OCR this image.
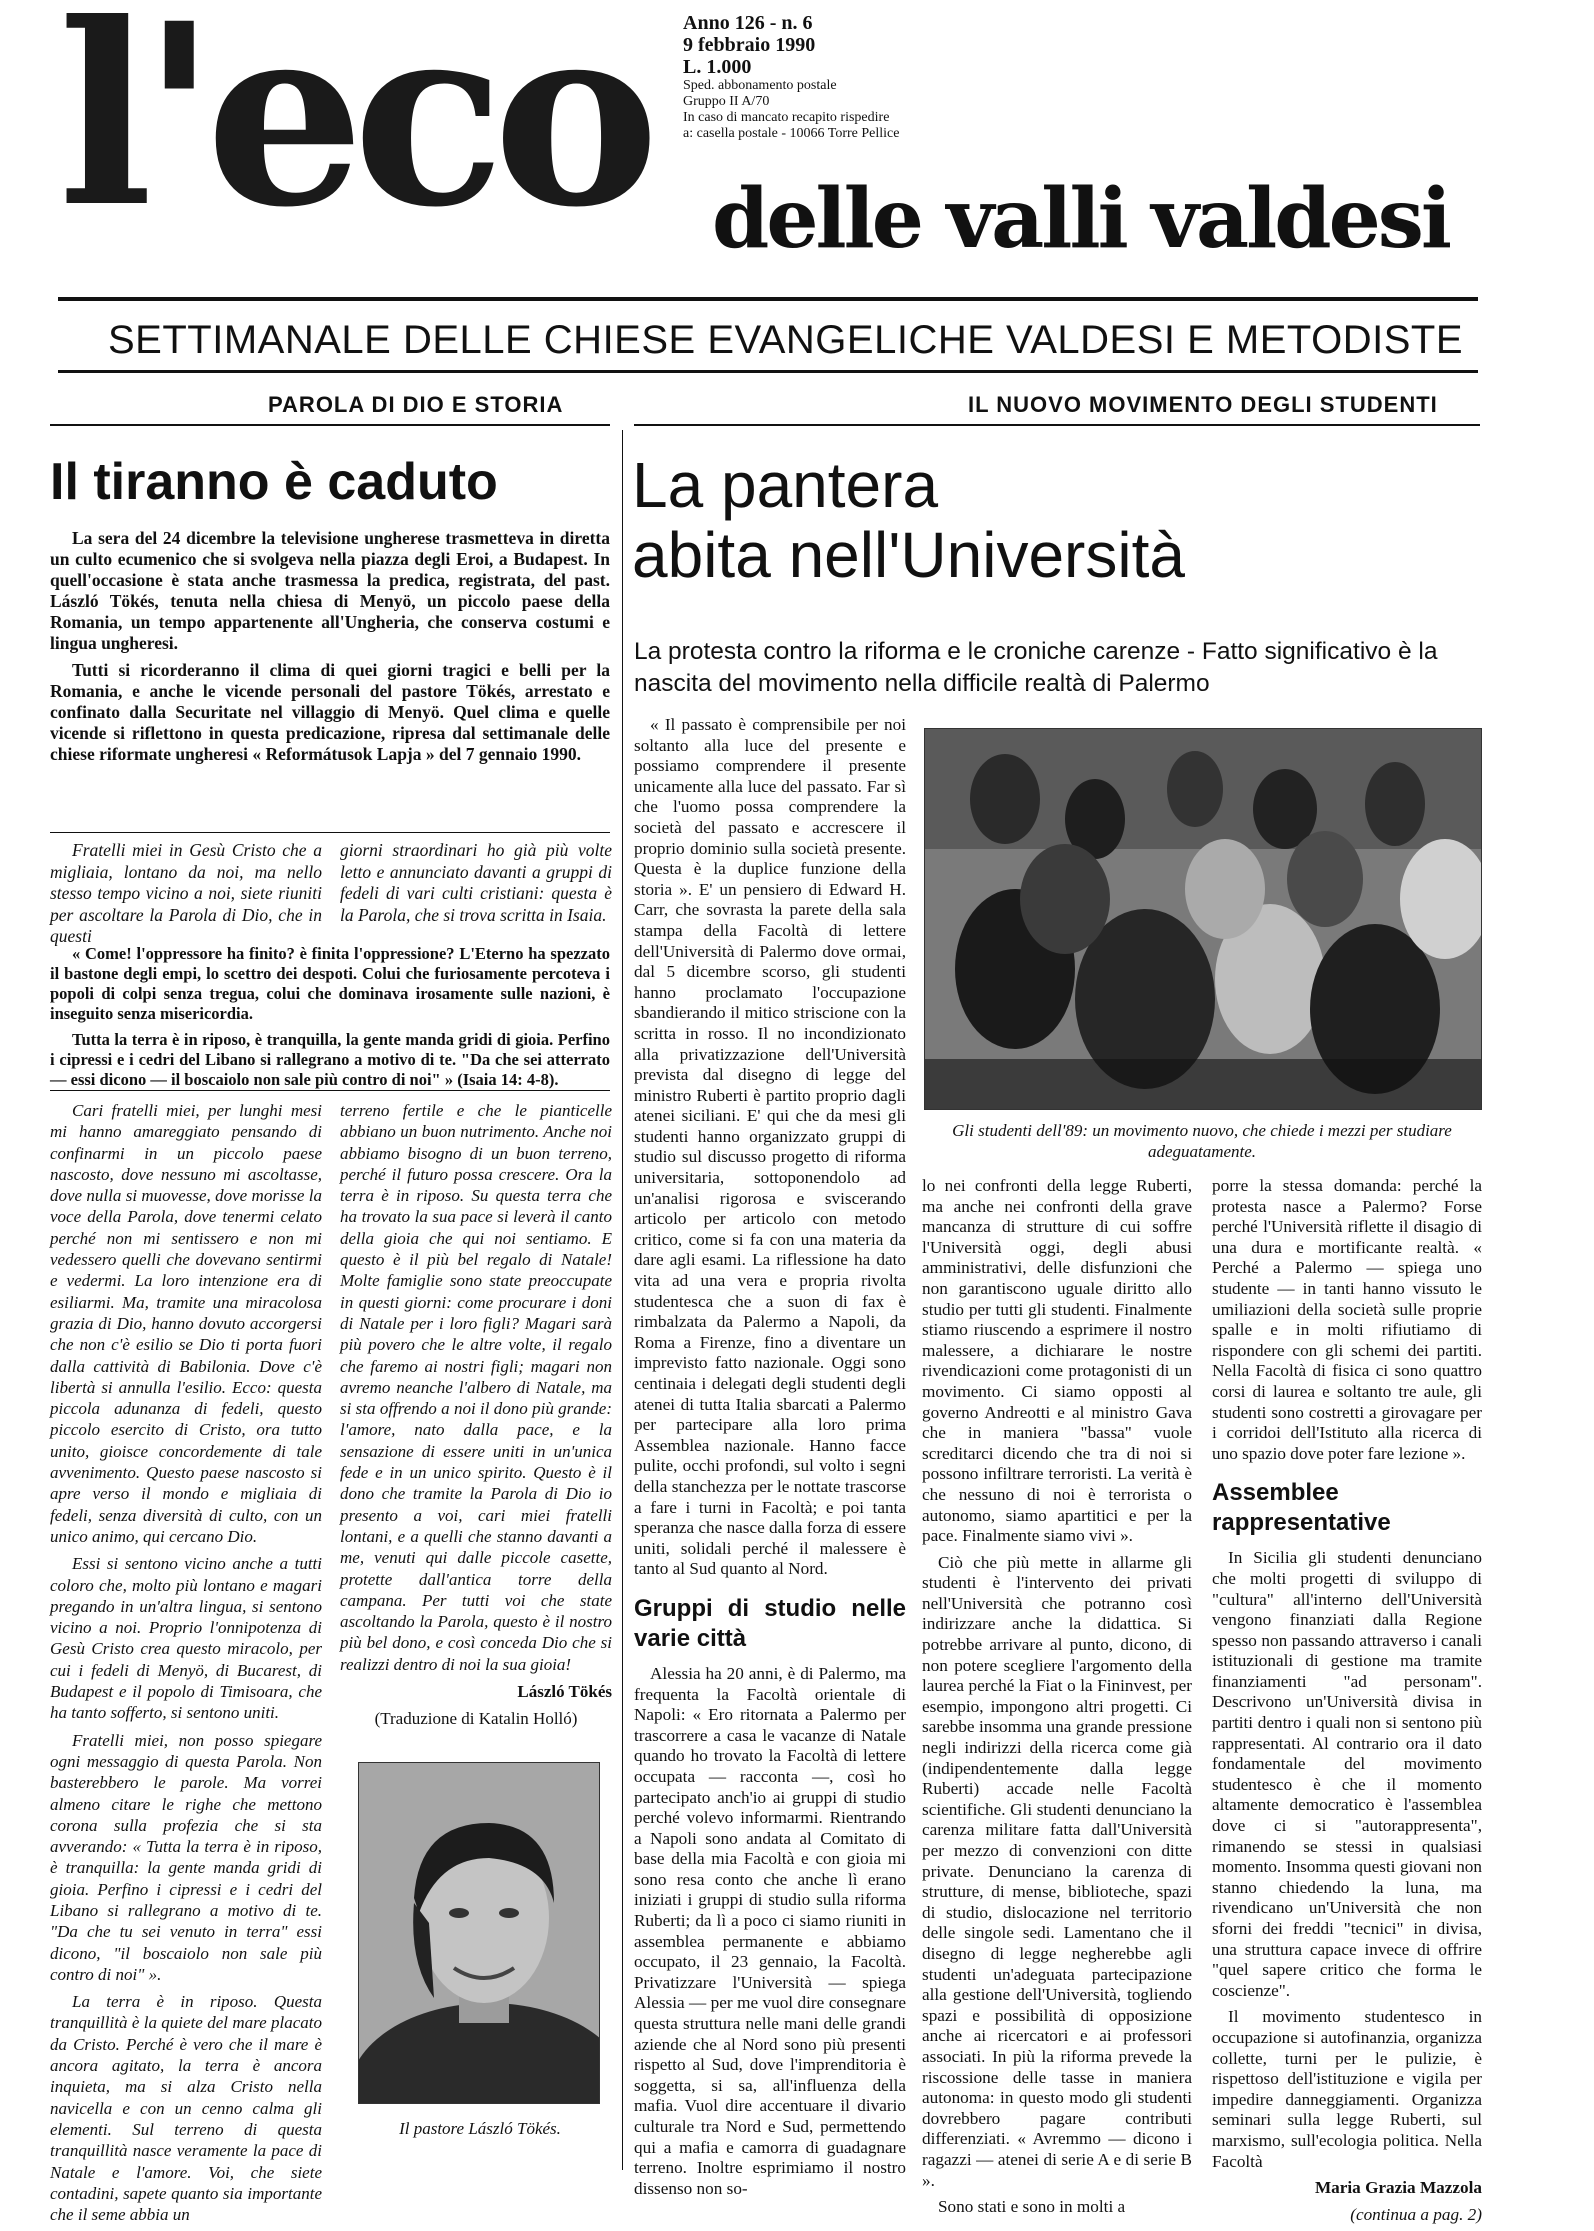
l'eco delle valli valdesi
Anno 126 - n. 6
9 febbraio 1990
L. 1.000
Sped. abbonamento postale
Gruppo II A/70
In caso di mancato recapito rispedire
a: casella postale - 10066 Torre Pellice
SETTIMANALE DELLE CHIESE EVANGELICHE VALDESI E METODISTE
PAROLA DI DIO E STORIA	IL NUOVO MOVIMENTO DEGLI STUDENTI
Il tiranno è caduto

La sera del 24 dicembre la televisione ungherese trasmetteva in diretta un culto ecumenico che si svolgeva nella piazza degli Eroi, a Budapest. In quell'occasione è stata anche trasmessa la predica, registrata, del past. László Tökés, tenuta nella chiesa di Menyö, un piccolo paese della Romania, un tempo appartenente all'Ungheria, che conserva costumi e lingua ungheresi.

Tutti si ricorderanno il clima di quei giorni tragici e belli per la Romania, e anche le vicende personali del pastore Tökés, arrestato e confinato dalla Securitate nel villaggio di Menyö. Quel clima e quelle vicende si riflettono in questa predicazione, ripresa dal settimanale delle chiese riformate ungheresi « Reformátusok Lapja » del 7 gennaio 1990.

Fratelli miei in Gesù Cristo che a migliaia, lontano da noi, ma nello stesso tempo vicino a noi, siete riuniti per ascoltare la Parola di Dio, che in questi

giorni straordinari ho già più volte letto e annunciato davanti a gruppi di fedeli di vari culti cristiani: questa è la Parola, che si trova scritta in Isaia.

« Come! l'oppressore ha finito? è finita l'oppressione? L'Eterno ha spezzato il bastone degli empi, lo scettro dei despoti. Colui che furiosamente percoteva i popoli di colpi senza tregua, colui che dominava irosamente sulle nazioni, è inseguito senza misericordia.

Tutta la terra è in riposo, è tranquilla, la gente manda gridi di gioia. Perfino i cipressi e i cedri del Libano si rallegrano a motivo di te. "Da che sei atterrato — essi dicono — il boscaiolo non sale più contro di noi" » (Isaia 14: 4-8).

Cari fratelli miei, per lunghi mesi mi hanno amareggiato pensando di confinarmi in un piccolo paese nascosto, dove nessuno mi ascoltasse, dove nulla si muovesse, dove morisse la voce della Parola, dove tenermi celato perché non mi sentissero e non mi vedessero quelli che dovevano sentirmi e vedermi. La loro intenzione era di esiliarmi. Ma, tramite una miracolosa grazia di Dio, hanno dovuto accorgersi che non c'è esilio se Dio ti porta fuori dalla cattività di Babilonia. Dove c'è libertà si annulla l'esilio. Ecco: questa piccola adunanza di fedeli, questo piccolo esercito di Cristo, ora tutto unito, gioisce concordemente di tale avvenimento. Questo paese nascosto si apre verso il mondo e migliaia di fedeli, senza diversità di culto, con un unico animo, qui cercano Dio.

Essi si sentono vicino anche a tutti coloro che, molto più lontano e magari pregando in un'altra lingua, si sentono vicino a noi. Proprio l'onnipotenza di Gesù Cristo crea questo miracolo, per cui i fedeli di Menyö, di Bucarest, di Budapest e il popolo di Timisoara, che ha tanto sofferto, si sentono uniti.

Fratelli miei, non posso spiegare ogni messaggio di questa Parola. Non basterebbero le parole. Ma vorrei almeno citare le righe che mettono corona sulla profezia che si sta avverando: « Tutta la terra è in riposo, è tranquilla: la gente manda gridi di gioia. Perfino i cipressi e i cedri del Libano si rallegrano a motivo di te. "Da che tu sei venuto in terra" essi dicono, "il boscaiolo non sale più contro di noi" ».

La terra è in riposo. Questa tranquillità è la quiete del mare placato da Cristo. Perché è vero che il mare è ancora agitato, la terra è ancora inquieta, ma si alza Cristo nella navicella e con un cenno calma gli elementi. Sul terreno di questa tranquillità nasce veramente la pace di Natale e l'amore. Voi, che siete contadini, sapete quanto sia importante che il seme abbia un

terreno fertile e che le pianticelle abbiano un buon nutrimento. Anche noi abbiamo bisogno di un buon terreno, perché il futuro possa crescere. Ora la terra è in riposo. Su questa terra che ha trovato la sua pace si leverà il canto della gioia che qui noi sentiamo. E questo è il più bel regalo di Natale! Molte famiglie sono state preoccupate in questi giorni: come procurare i doni di Natale per i loro figli? Magari sarà più povero che le altre volte, il regalo che faremo ai nostri figli; magari non avremo neanche l'albero di Natale, ma si sta offrendo a noi il dono più grande: l'amore, nato dalla pace, e la sensazione di essere uniti in un'unica fede e in un unico spirito. Questo è il dono che tramite la Parola di Dio io presento a voi, cari miei fratelli lontani, e a quelli che stanno davanti a me, venuti qui dalle piccole casette, protette dall'antica torre della campana. Per tutti voi che state ascoltando la Parola, questo è il nostro più bel dono, e così conceda Dio che si realizzi dentro di noi la sua gioia!

László Tökés

(Traduzione di Katalin Holló)

Il pastore László Tökés.
La pantera
abita nell'Università
La protesta contro la riforma e le croniche carenze - Fatto significativo è la nascita del movimento nella difficile realtà di Palermo

« Il passato è comprensibile per noi soltanto alla luce del presente e possiamo comprendere il presente unicamente alla luce del passato. Far sì che l'uomo possa comprendere la società del passato e accrescere il proprio dominio sulla società presente. Questa è la duplice funzione della storia ». E' un pensiero di Edward H. Carr, che sovrasta la parete della sala stampa della Facoltà di lettere dell'Università di Palermo dove ormai, dal 5 dicembre scorso, gli studenti hanno proclamato l'occupazione sbandierando il mitico striscione con la scritta in rosso. Il no incondizionato alla privatizzazione dell'Università prevista dal disegno di legge del ministro Ruberti è partito proprio dagli atenei siciliani. E' qui che da mesi gli studenti hanno organizzato gruppi di studio sul discusso progetto di riforma universitaria, sottoponendolo ad un'analisi rigorosa e sviscerando articolo per articolo con metodo critico, come si fa con una materia da dare agli esami. La riflessione ha dato vita ad una vera e propria rivolta studentesca che a suon di fax è rimbalzata da Palermo a Napoli, da Roma a Firenze, fino a diventare un imprevisto fatto nazionale. Oggi sono centinaia i delegati degli studenti degli atenei di tutta Italia sbarcati a Palermo per partecipare alla loro prima Assemblea nazionale. Hanno facce pulite, occhi profondi, sul volto i segni della stanchezza per le nottate trascorse a fare i turni in Facoltà; e poi tanta speranza che nasce dalla forza di essere uniti, solidali perché il malessere è tanto al Sud quanto al Nord.

Gruppi di studio nelle varie città

Alessia ha 20 anni, è di Palermo, ma frequenta la Facoltà orientale di Napoli: « Ero ritornata a Palermo per trascorrere a casa le vacanze di Natale quando ho trovato la Facoltà di lettere occupata — racconta —, così ho partecipato anch'io ai gruppi di studio perché volevo informarmi. Rientrando a Napoli sono andata al Comitato di base della mia Facoltà e con gioia mi sono resa conto che anche lì erano iniziati i gruppi di studio sulla riforma Ruberti; da lì a poco ci siamo riuniti in assemblea permanente e abbiamo occupato, il 23 gennaio, la Facoltà. Privatizzare l'Università — spiega Alessia — per me vuol dire consegnare questa struttura nelle mani delle grandi aziende che al Nord sono più presenti rispetto al Sud, dove l'imprenditoria è soggetta, si sa, all'influenza della mafia. Vuol dire accentuare il divario culturale tra Nord e Sud, permettendo qui a mafia e camorra di guadagnare terreno. Inoltre esprimiamo il nostro dissenso non so-

Gli studenti dell'89: un movimento nuovo, che chiede i mezzi per studiare adeguatamente.

lo nei confronti della legge Ruberti, ma anche nei confronti della grave mancanza di strutture di cui soffre l'Università oggi, degli abusi amministrativi, delle disfunzioni che non garantiscono uguale diritto allo studio per tutti gli studenti. Finalmente stiamo riuscendo a esprimere il nostro malessere, a dichiarare le nostre rivendicazioni come protagonisti di un movimento. Ci siamo opposti al governo Andreotti e al ministro Gava che in maniera "bassa" vuole screditarci dicendo che tra di noi si possono infiltrare terroristi. La verità è che nessuno di noi è terrorista o autonomo, siamo apartitici e per la pace. Finalmente siamo vivi ».

Ciò che più mette in allarme gli studenti è l'intervento dei privati nell'Università che potranno così indirizzare anche la didattica. Si potrebbe arrivare al punto, dicono, di non potere scegliere l'argomento della laurea perché la Fiat o la Fininvest, per esempio, impongono altri progetti. Ci sarebbe insomma una grande pressione negli indirizzi della ricerca come già (indipendentemente dalla legge Ruberti) accade nelle Facoltà scientifiche. Gli studenti denunciano la carenza militare fatta dall'Università per mezzo di convenzioni con ditte private. Denunciano la carenza di strutture, di mense, biblioteche, spazi di studio, dislocazione nel territorio delle singole sedi. Lamentano che il disegno di legge negherebbe agli studenti un'adeguata partecipazione alla gestione dell'Università, togliendo spazi e possibilità di opposizione anche ai ricercatori e ai professori associati. In più la riforma prevede la riscossione delle tasse in maniera autonoma: in questo modo gli studenti dovrebbero pagare contributi differenziati. « Avremmo — dicono i ragazzi — atenei di serie A e di serie B ».

Sono stati e sono in molti a

porre la stessa domanda: perché la protesta nasce a Palermo? Forse perché l'Università riflette il disagio di una dura e mortificante realtà. « Perché a Palermo — spiega uno studente — in tanti hanno vissuto le umiliazioni della società sulle proprie spalle e in molti rifiutiamo di rispondere con gli schemi dei partiti. Nella Facoltà di fisica ci sono quattro corsi di laurea e soltanto tre aule, gli studenti sono costretti a girovagare per i corridoi dell'Istituto alla ricerca di uno spazio dove poter fare lezione ».

Assemblee rappresentative

In Sicilia gli studenti denunciano che molti progetti di sviluppo di "cultura" all'interno dell'Università vengono finanziati dalla Regione spesso non passando attraverso i canali istituzionali di gestione ma tramite finanziamenti "ad personam". Descrivono un'Università divisa in partiti dentro i quali non si sentono più rappresentati. Al contrario ora il dato fondamentale del movimento studentesco è che il momento altamente democratico è l'assemblea dove ci si "autorappresenta", rimanendo se stessi in qualsiasi momento. Insomma questi giovani non stanno chiedendo la luna, ma rivendicano un'Università che non sforni dei freddi "tecnici" in divisa, una struttura capace invece di offrire "quel sapere critico che forma le coscienze".

Il movimento studentesco in occupazione si autofinanzia, organizza collette, turni per le pulizie, è rispettoso dell'istituzione e vigila per impedire danneggiamenti. Organizza seminari sulla legge Ruberti, sul marxismo, sull'ecologia politica. Nella Facoltà

Maria Grazia Mazzola

(continua a pag. 2)
